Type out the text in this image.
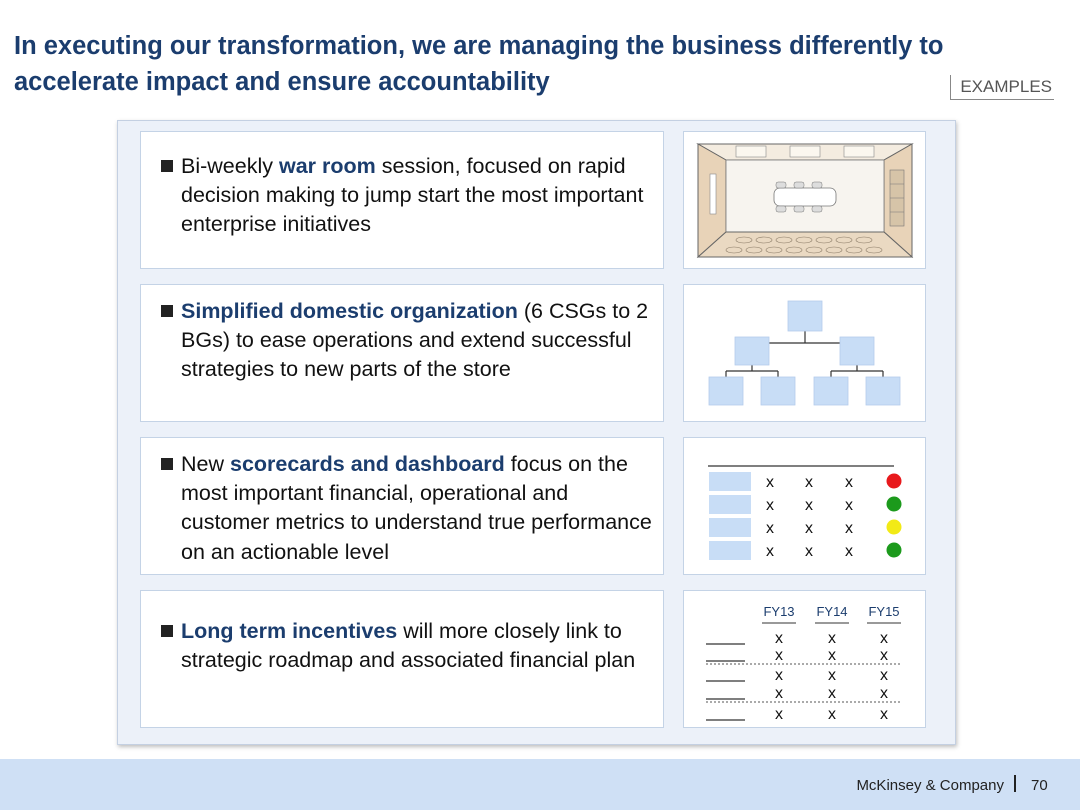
In executing our transformation, we are managing the business differently to accelerate impact and ensure accountability	EXAMPLES

Bi-weekly war room session, focused on rapid decision making to jump start the most important enterprise initiatives

Simplified domestic organization (6 CSGs to 2 BGs) to ease operations and extend successful strategies to new parts of the store

New scorecards and dashboard focus on the most important financial, operational and customer metrics to understand true performance on an actionable level

x x x
x x x
x x x
x x x

Long term incentives will more closely link to strategic roadmap and associated financial plan

FY13 FY14 FY15
x	x	x
x	x	x
x	x	x
x	x	x
x	x	x
McKinsey & Company 70
